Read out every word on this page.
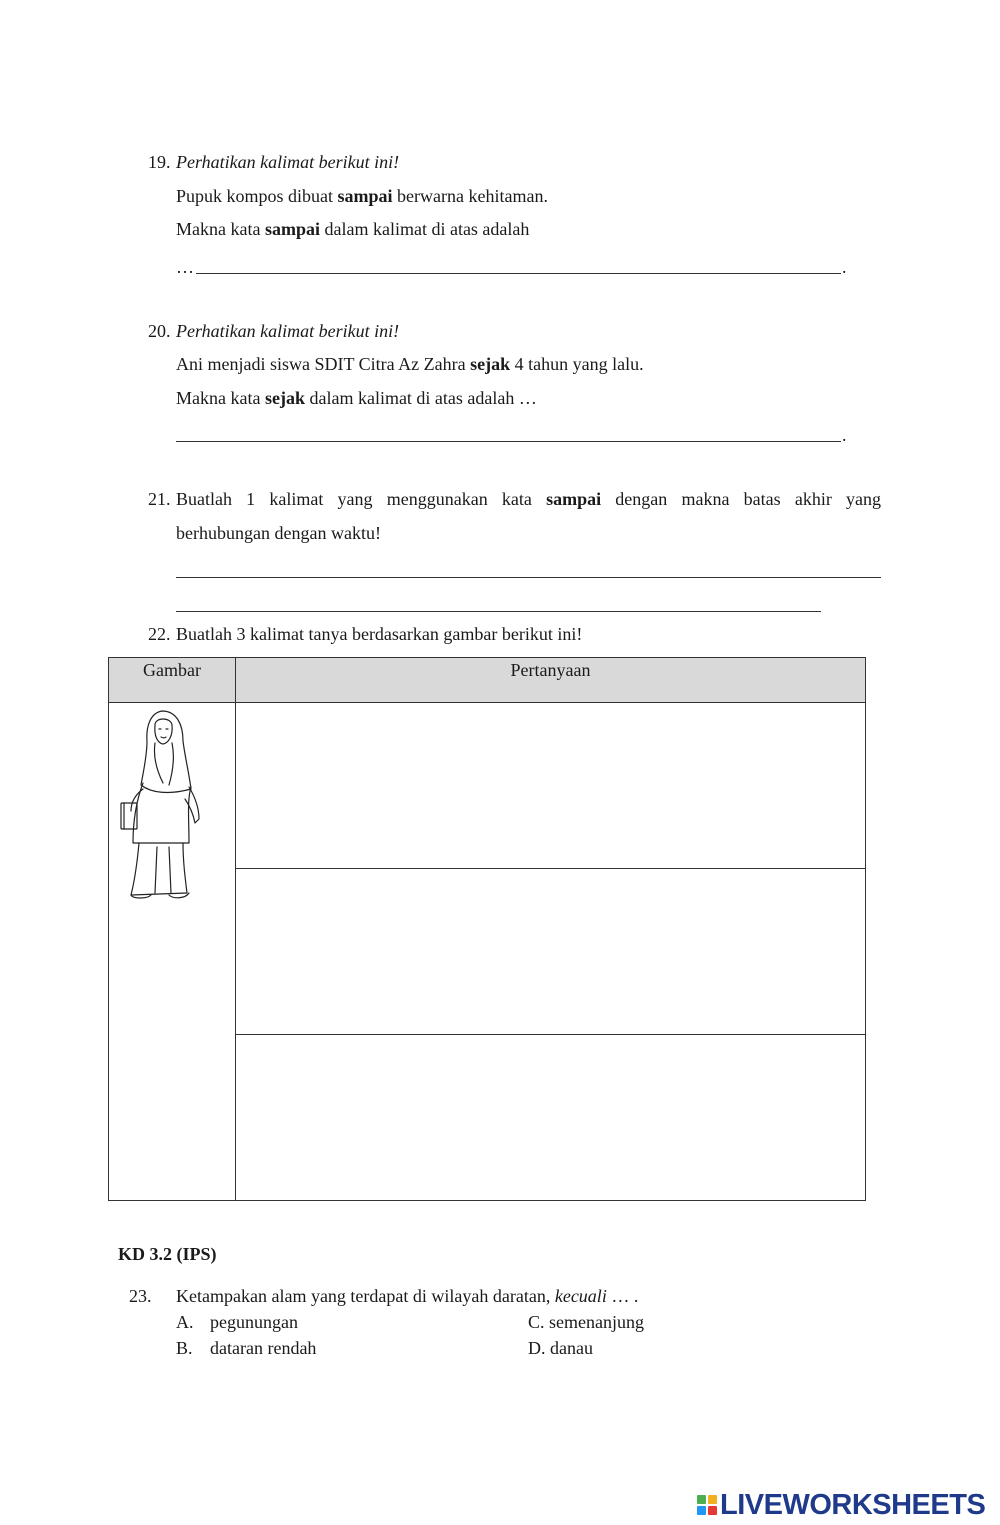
19. Perhatikan kalimat berikut ini!
Pupuk kompos dibuat sampai berwarna kehitaman.
Makna kata sampai dalam kalimat di atas adalah
…	.
20. Perhatikan kalimat berikut ini!
Ani menjadi siswa SDIT Citra Az Zahra sejak 4 tahun yang lalu.
Makna kata sejak dalam kalimat di atas adalah …
.
21. Buatlah 1 kalimat yang menggunakan kata sampai dengan makna batas akhir yang
berhubungan dengan waktu!
22. Buatlah 3 kalimat tanya berdasarkan gambar berikut ini!
Gambar	Pertanyaan

KD 3.2 (IPS)
23. Ketampakan alam yang terdapat di wilayah daratan, kecuali … .
A. pegunungan	C. semenanjung
B. dataran rendah	D. danau
LIVEWORKSHEETS
